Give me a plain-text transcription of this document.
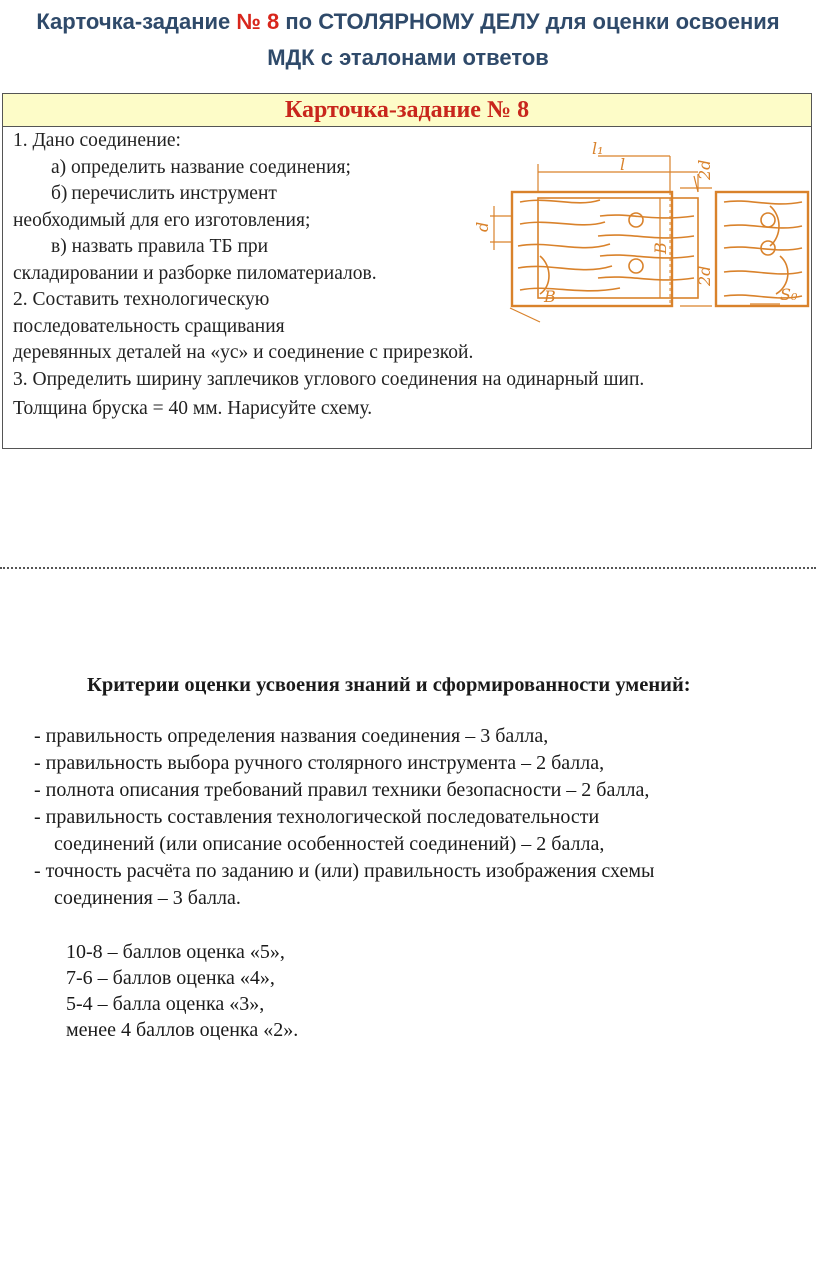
Карточка-задание № 8 по СТОЛЯРНОМУ ДЕЛУ для оценки освоения
МДК с эталонами ответов
Карточка-задание № 8
1. Дано соединение:
а) определить название соединения;
б) перечислить инструмент
необходимый для его изготовления;
в) назвать правила ТБ при
складировании и разборке пиломатериалов.
2. Составить технологическую
последовательность сращивания
деревянных деталей на «ус» и соединение с прирезкой.
3. Определить ширину заплечиков углового соединения на одинарный шип.
Толщина бруска = 40 мм. Нарисуйте схему.
l₁
l	2d
2d
d
B
B	S₀
Критерии оценки усвоения знаний и сформированности умений:
- правильность определения названия соединения – 3 балла,
- правильность выбора ручного столярного инструмента – 2 балла,
- полнота описания требований правил техники безопасности – 2 балла,
- правильность составления технологической последовательности
соединений (или описание особенностей соединений) – 2 балла,
- точность расчёта по заданию и (или) правильность изображения схемы
соединения – 3 балла.
10-8 – баллов оценка «5»,
7-6 – баллов оценка «4»,
5-4 – балла оценка «3»,
менее 4 баллов оценка «2».
